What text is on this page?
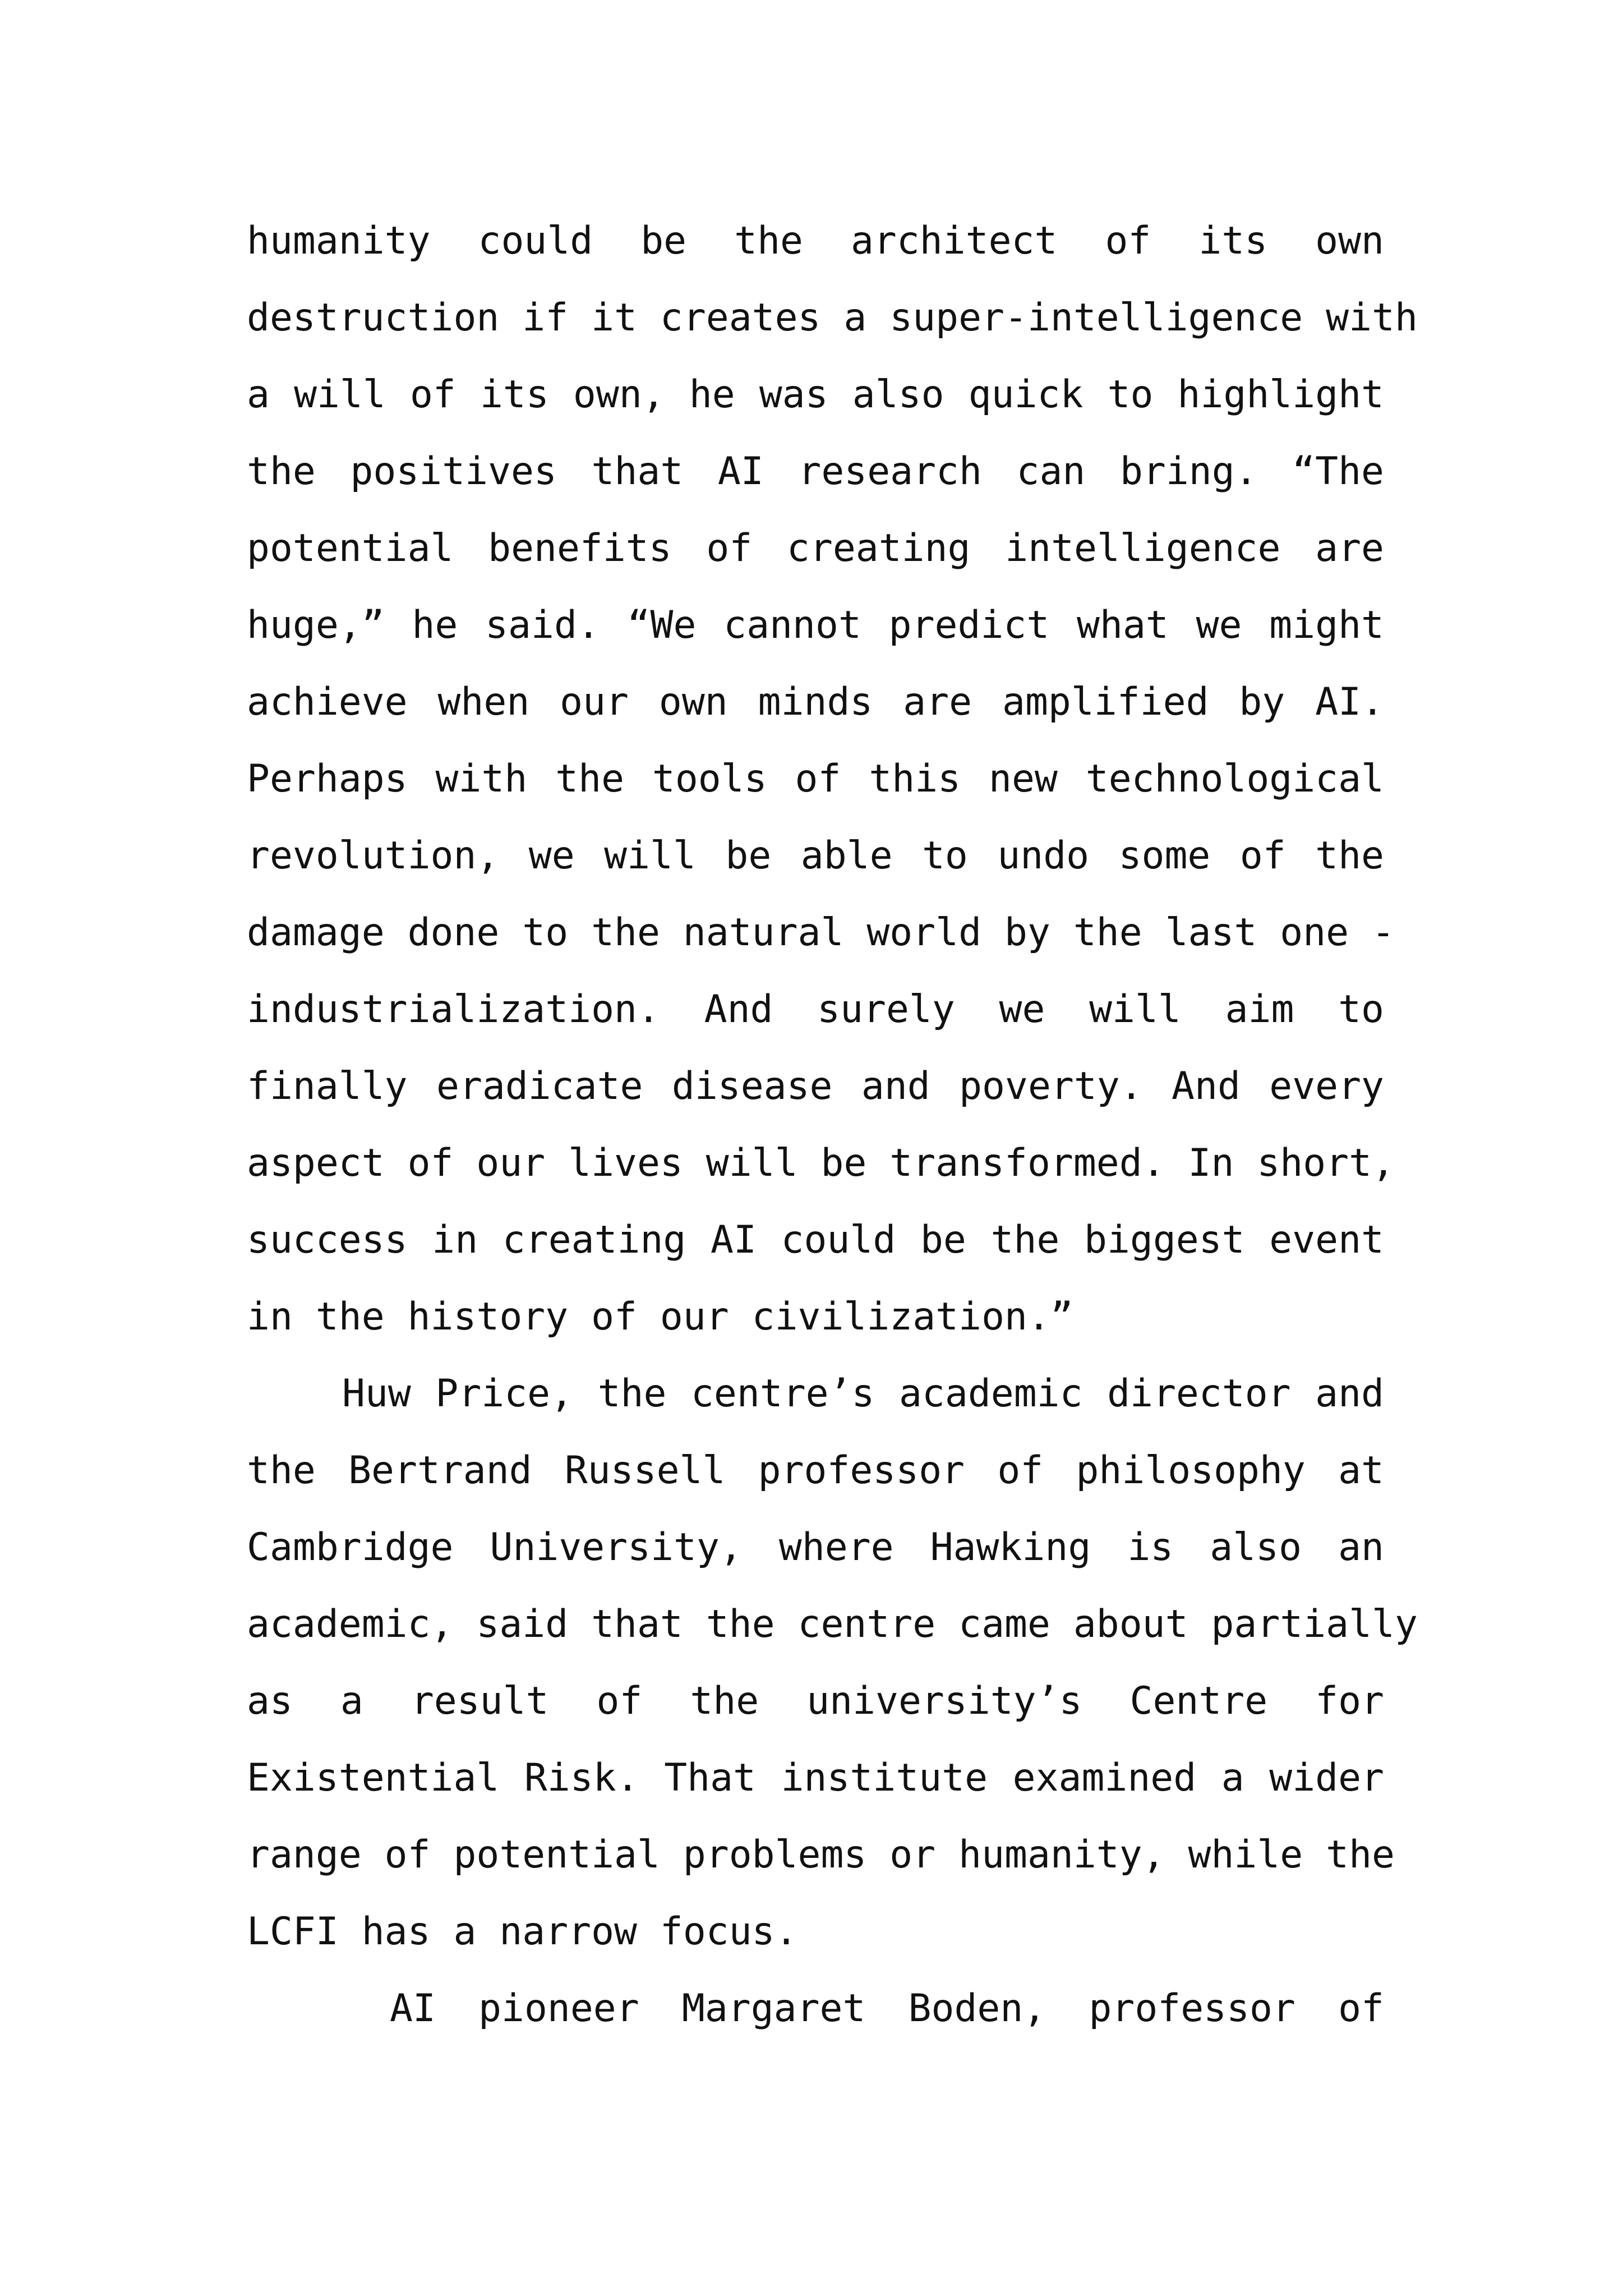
humanity could be the architect of its own
destruction if it creates a super-intelligence with
a will of its own, he was also quick to highlight
the positives that AI research can bring. “The
potential benefits of creating intelligence are
huge,” he said. “We cannot predict what we might
achieve when our own minds are amplified by AI.
Perhaps with the tools of this new technological
revolution, we will be able to undo some of the
damage done to the natural world by the last one -
industrialization. And surely we will aim to
finally eradicate disease and poverty. And every
aspect of our lives will be transformed. In short,
success in creating AI could be the biggest event
in the history of our civilization.”
Huw Price, the centre’s academic director and
the Bertrand Russell professor of philosophy at
Cambridge University, where Hawking is also an
academic, said that the centre came about partially
as a result of the university’s Centre for
Existential Risk. That institute examined a wider
range of potential problems or humanity, while the
LCFI has a narrow focus.
AI pioneer Margaret Boden, professor of
